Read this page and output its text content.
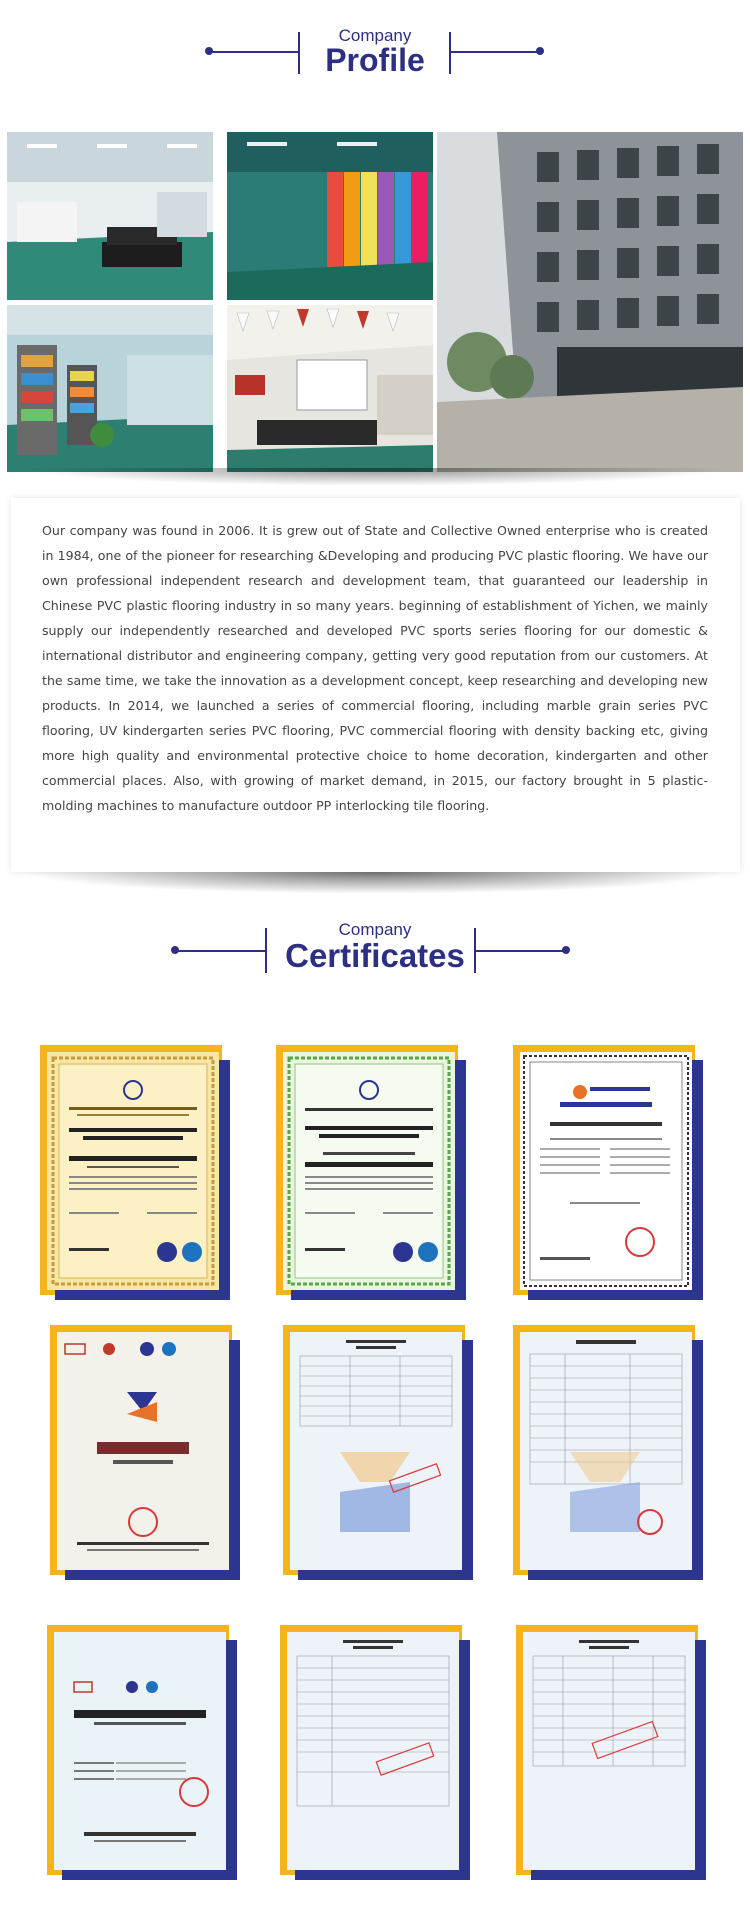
Company
Profile

Our company was found in 2006. It is grew out of State and Collective Owned enterprise who is created in 1984, one of the pioneer for researching &Developing and producing PVC plastic flooring. We have our own professional independent research and development team, that guaranteed our leadership in Chinese PVC plastic flooring industry in so many years. beginning of establishment of Yichen, we mainly supply our independently researched and developed PVC sports series flooring for our domestic & international distributor and engineering company, getting very good reputation from our customers. At the same time, we take the innovation as a development concept, keep researching and developing new products. In 2014, we launched a series of commercial flooring, including marble grain series PVC flooring, UV kindergarten series PVC flooring, PVC commercial flooring with density backing etc, giving more high quality and environmental protective choice to home decoration, kindergarten and other commercial places. Also, with growing of market demand, in 2015, our factory brought in 5 plastic-molding machines to manufacture outdoor PP interlocking tile flooring.

Company
Certificates
